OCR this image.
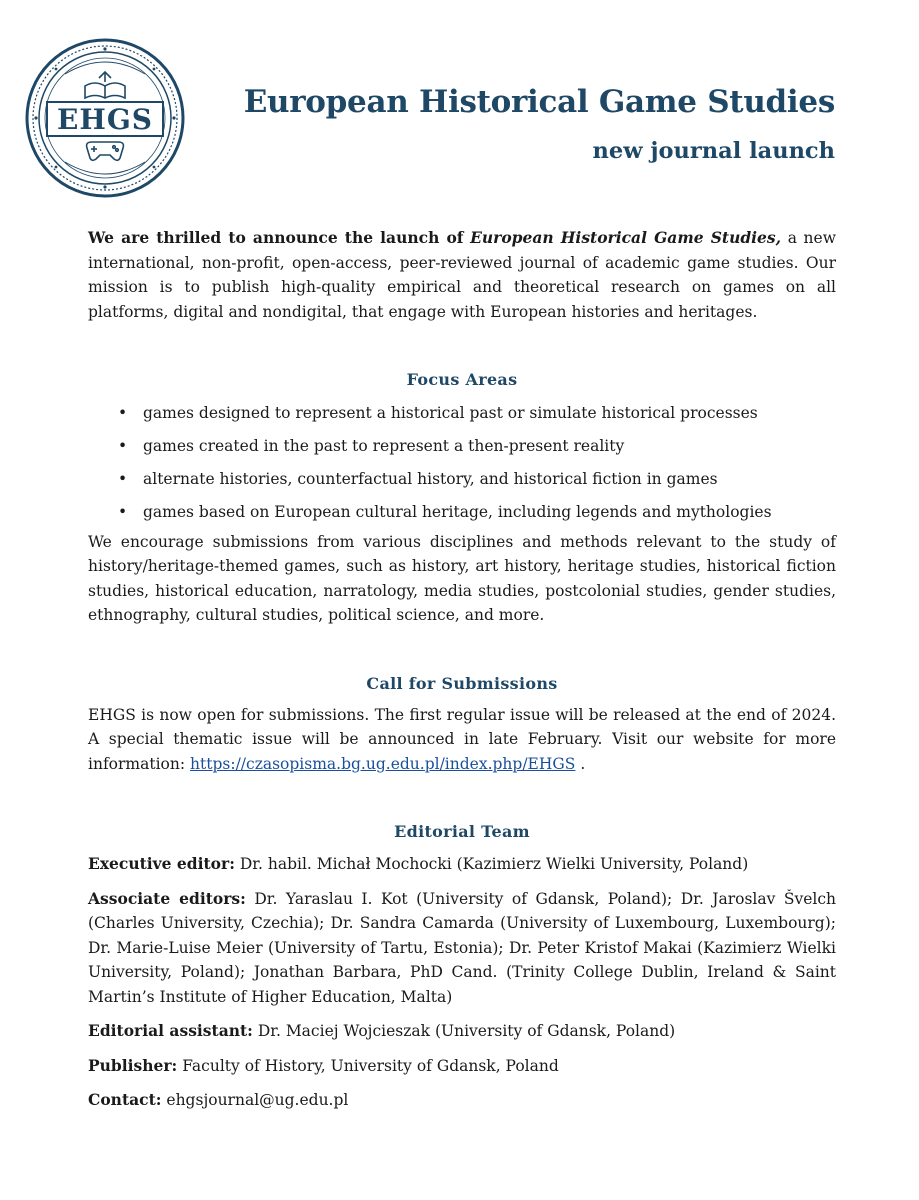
EHGS	European Historical Game Studies
new journal launch

We are thrilled to announce the launch of European Historical Game Studies, a new international, non-profit, open-access, peer-reviewed journal of academic game studies. Our mission is to publish high-quality empirical and theoretical research on games on all platforms, digital and nondigital, that engage with European histories and heritages.

Focus Areas
• games designed to represent a historical past or simulate historical processes
• games created in the past to represent a then-present reality
• alternate histories, counterfactual history, and historical fiction in games
• games based on European cultural heritage, including legends and mythologies

We encourage submissions from various disciplines and methods relevant to the study of history/heritage-themed games, such as history, art history, heritage studies, historical fiction studies, historical education, narratology, media studies, postcolonial studies, gender studies, ethnography, cultural studies, political science, and more.

Call for Submissions

EHGS is now open for submissions. The first regular issue will be released at the end of 2024. A special thematic issue will be announced in late February. Visit our website for more information: https://czasopisma.bg.ug.edu.pl/index.php/EHGS .

Editorial Team

Executive editor: Dr. habil. Michał Mochocki (Kazimierz Wielki University, Poland)

Associate editors: Dr. Yaraslau I. Kot (University of Gdansk, Poland); Dr. Jaroslav Švelch (Charles University, Czechia); Dr. Sandra Camarda (University of Luxembourg, Luxembourg); Dr. Marie-Luise Meier (University of Tartu, Estonia); Dr. Peter Kristof Makai (Kazimierz Wielki University, Poland); Jonathan Barbara, PhD Cand. (Trinity College Dublin, Ireland & Saint Martin’s Institute of Higher Education, Malta)

Editorial assistant: Dr. Maciej Wojcieszak (University of Gdansk, Poland)

Publisher: Faculty of History, University of Gdansk, Poland

Contact: ehgsjournal@ug.edu.pl
